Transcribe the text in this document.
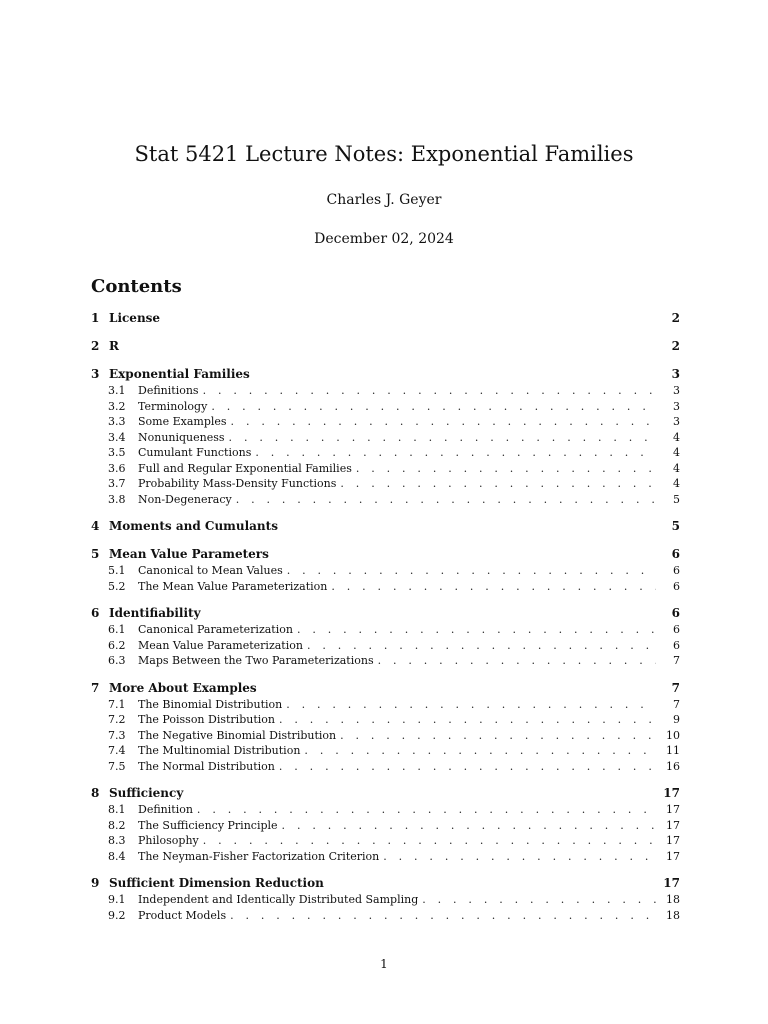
Stat 5421 Lecture Notes: Exponential Families
Charles J. Geyer
December 02, 2024
Contents
1 License	2
2 R	2
3 Exponential Families	3
3.1	Definitions . . .	3
3.2	Terminology . . .	3
3.3	Some Examples . . .	3
3.4	Nonuniqueness . . .	4
3.5	Cumulant Functions . . .	4
3.6	Full and Regular Exponential Families . . .	4
3.7	Probability Mass-Density Functions . . .	4
3.8	Non-Degeneracy . . .	5
4 Moments and Cumulants	5
5 Mean Value Parameters	6
5.1	Canonical to Mean Values . . .	6
5.2	The Mean Value Parameterization . . .	6
6 Identifiability	6
6.1	Canonical Parameterization . . .	6
6.2	Mean Value Parameterization . . .	6
6.3	Maps Between the Two Parameterizations . . .	7
7 More About Examples	7
7.1	The Binomial Distribution . . .	7
7.2	The Poisson Distribution . . .	9
7.3	The Negative Binomial Distribution . . .	10
7.4	The Multinomial Distribution . . .	11
7.5	The Normal Distribution . . .	16
8 Sufficiency	17
8.1	Definition . . .	17
8.2	The Sufficiency Principle . . .	17
8.3	Philosophy . . .	17
8.4	The Neyman-Fisher Factorization Criterion . . .	17
9 Sufficient Dimension Reduction	17
9.1	Independent and Identically Distributed Sampling . . .	18
9.2	Product Models . . .	18
1
